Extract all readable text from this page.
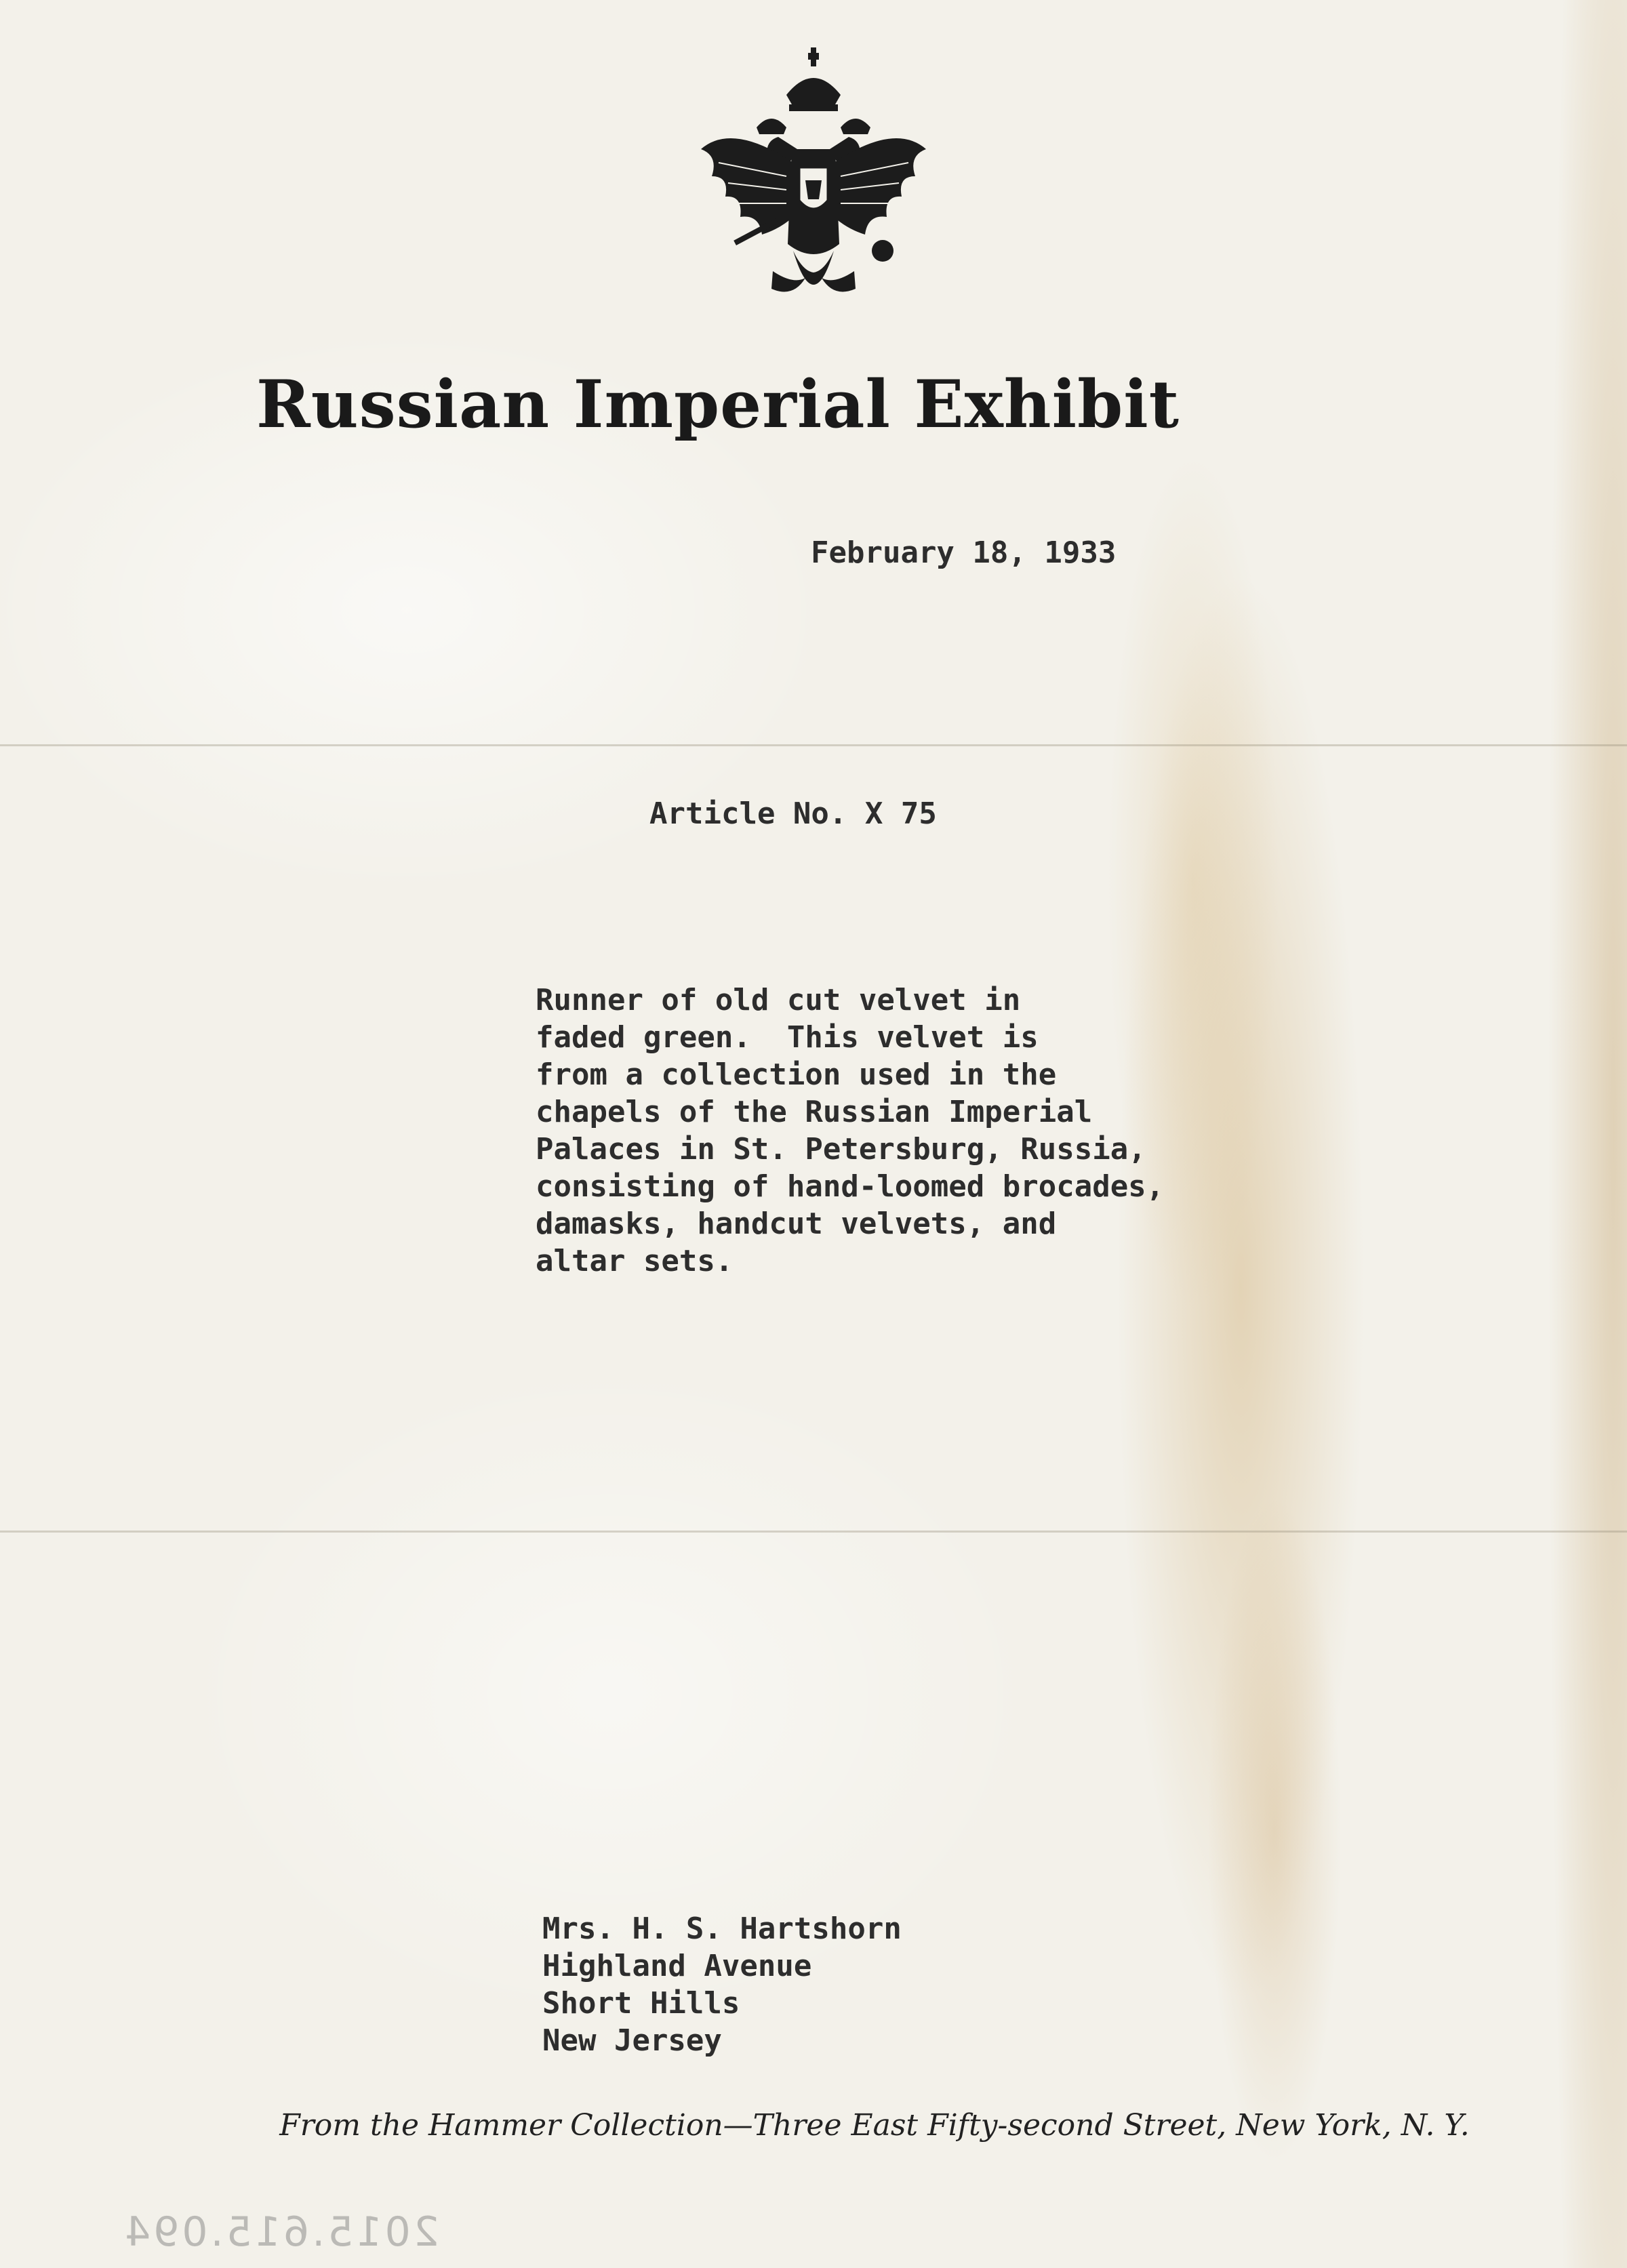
Russian Imperial Exhibit
February 18, 1933
Article No. X 75
Runner of old cut velvet in
faded green.  This velvet is
from a collection used in the
chapels of the Russian Imperial
Palaces in St. Petersburg, Russia,
consisting of hand-loomed brocades,
damasks, handcut velvets, and
altar sets.
Mrs. H. S. Hartshorn
Highland Avenue
Short Hills
New Jersey
From the Hammer Collection—Three East Fifty-second Street, New York, N. Y.
2015.615.094
